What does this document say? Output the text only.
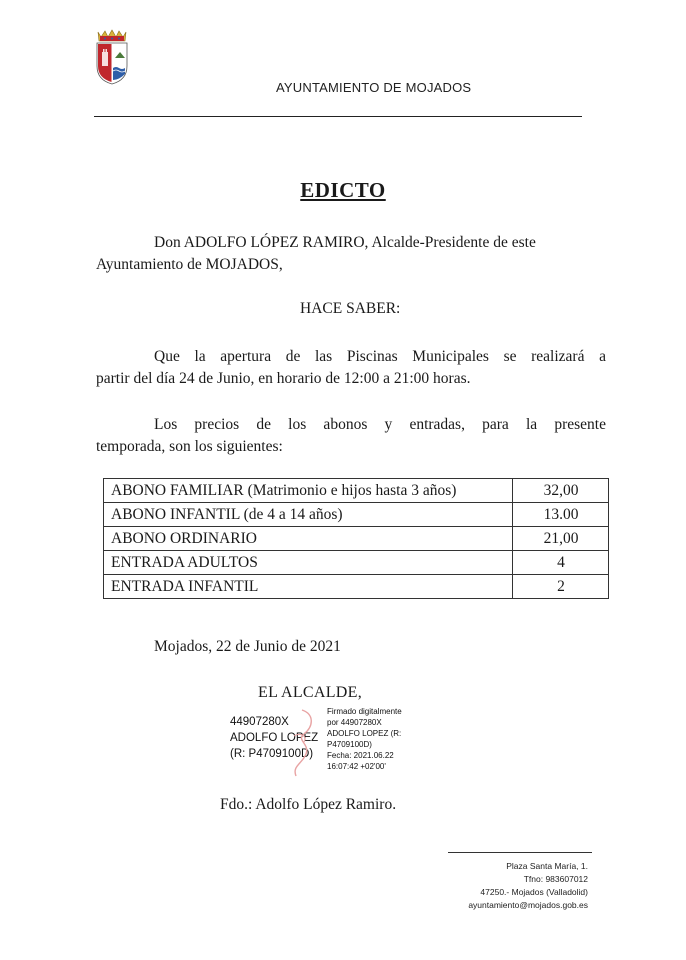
AYUNTAMIENTO DE MOJADOS
EDICTO
Don ADOLFO LÓPEZ RAMIRO, Alcalde-Presidente de este
Ayuntamiento de MOJADOS,
HACE SABER:
Que la apertura de las Piscinas Municipales se realizará a
partir del día 24 de Junio, en horario de 12:00 a 21:00 horas.
Los precios de los abonos y entradas, para la presente
temporada, son los siguientes:
ABONO FAMILIAR (Matrimonio e hijos hasta 3 años)	32,00
ABONO INFANTIL (de 4 a 14 años)	13.00
ABONO ORDINARIO	21,00
ENTRADA ADULTOS	4
ENTRADA INFANTIL	2
Mojados, 22 de Junio de 2021
EL ALCALDE,
44907280X
ADOLFO LOPEZ
(R: P4709100D)
Firmado digitalmente
por 44907280X
ADOLFO LOPEZ (R:
P4709100D)
Fecha: 2021.06.22
16:07:42 +02'00'
Fdo.: Adolfo López Ramiro.
Plaza Santa María, 1.
Tfno: 983607012
47250.- Mojados (Valladolid)
ayuntamiento@mojados.gob.es
